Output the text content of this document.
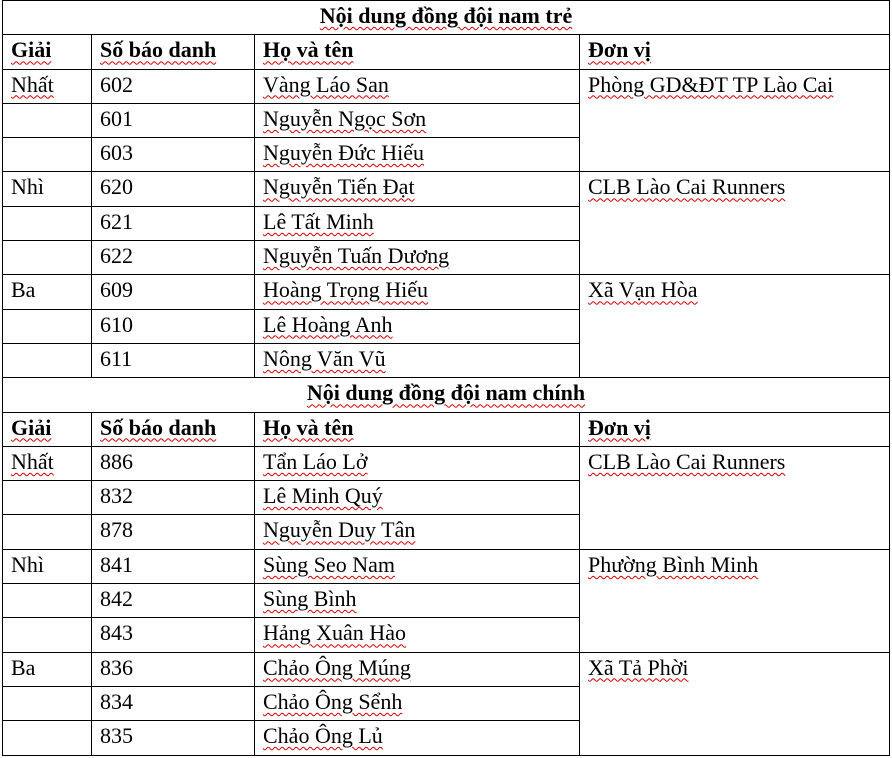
Nội dung đồng đội nam trẻ			
Giải	Số báo danh	Họ và tên	Đơn vị
Nhất	602	Vàng Láo San	Phòng GD&ĐT TP Lào Cai
	601	Nguyễn Ngọc Sơn	
	603	Nguyễn Đức Hiếu	
Nhì	620	Nguyễn Tiến Đạt	CLB Lào Cai Runners
	621	Lê Tất Minh	
	622	Nguyễn Tuấn Dương	
Ba	609	Hoàng Trọng Hiếu	Xã Vạn Hòa
	610	Lê Hoàng Anh	
	611	Nông Văn Vũ	
Nội dung đồng đội nam chính			
Giải	Số báo danh	Họ và tên	Đơn vị
Nhất	886	Tẩn Láo Lở	CLB Lào Cai Runners
	832	Lê Minh Quý	
	878	Nguyễn Duy Tân	
Nhì	841	Sùng Seo Nam	Phường Bình Minh
	842	Sùng Bình	
	843	Hảng Xuân Hào	
Ba	836	Chảo Ông Múng	Xã Tả Phời
	834	Chảo Ông Sểnh	
	835	Chảo Ông Lủ	
